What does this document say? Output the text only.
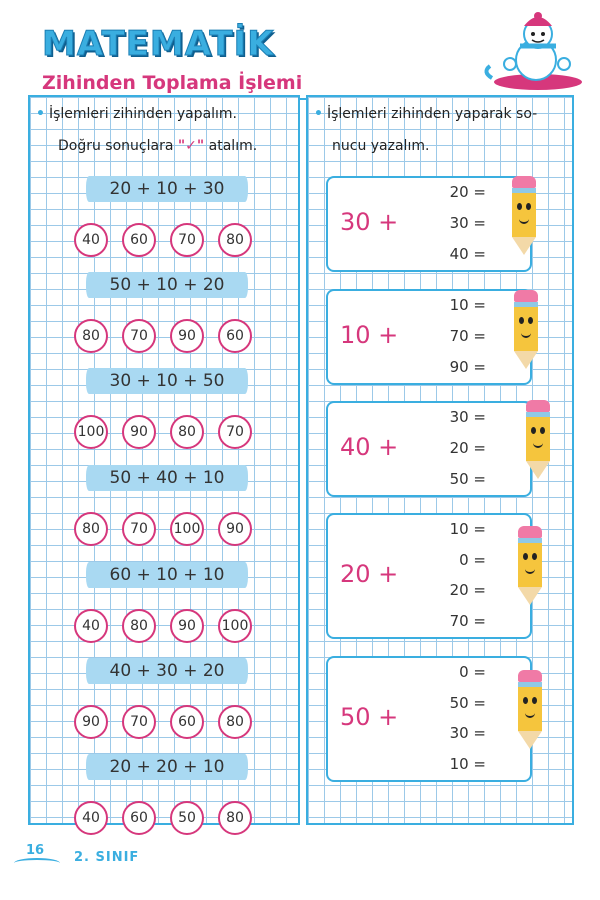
MATEMATİK
Zihinden Toplama İşlemi
• İşlemleri zihinden yapalım.
Doğru sonuçlara "✓" atalım.
• İşlemleri zihinden yaparak so-
nucu yazalım.
20 + 10 + 30
40	60	70	80
50 + 10 + 20
80	70	90	60
30 + 10 + 50
100	90	80	70
50 + 40 + 10
80	70	100	90
60 + 10 + 10
40	80	90	100
40 + 30 + 20
90	70	60	80
20 + 20 + 10
40	60	50	80
30 +
20 =
30 =
40 =
10 +
10 =
70 =
90 =
40 +
30 =
20 =
50 =
20 +
10 =
0 =
20 =
70 =
50 +
0 =
50 =
30 =
10 =
16 2. SINIF
